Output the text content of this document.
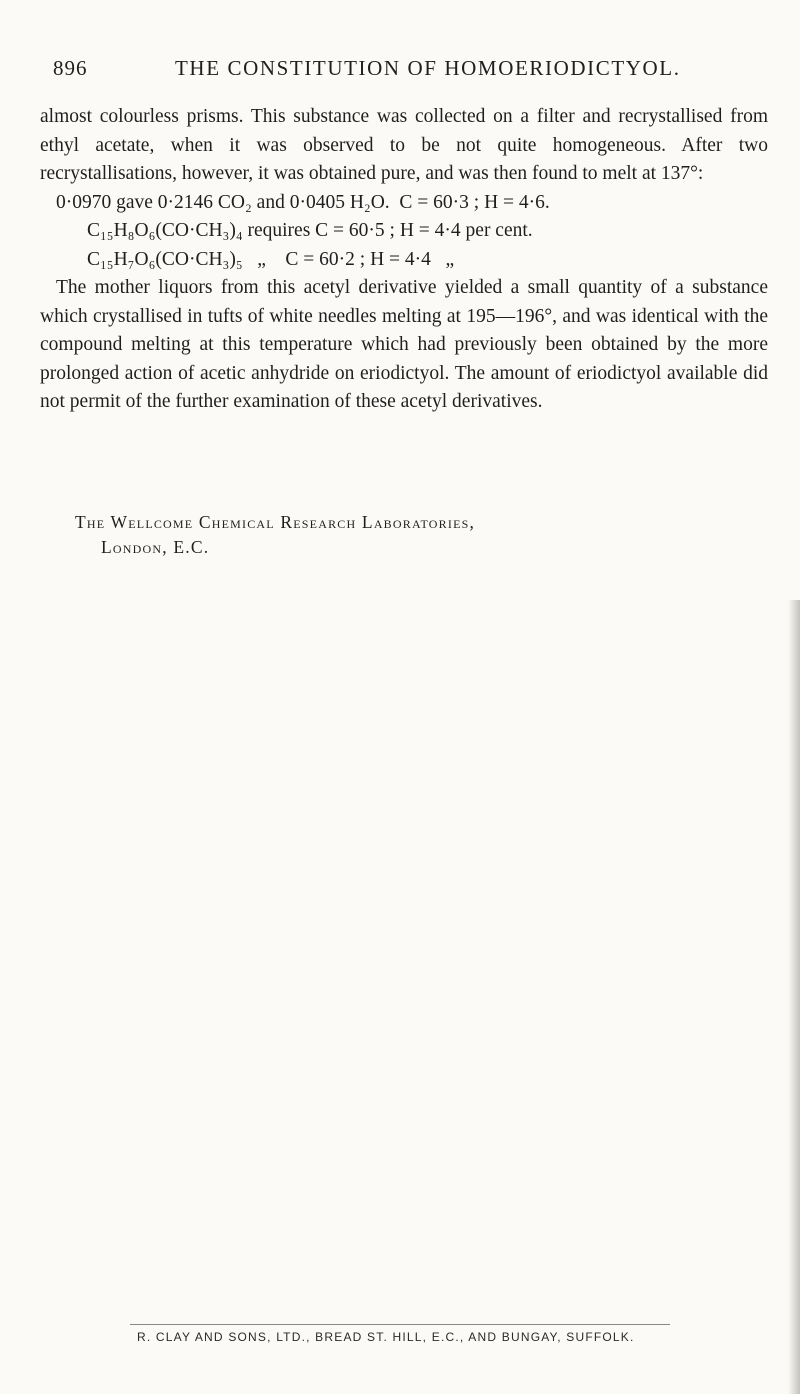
896	THE CONSTITUTION OF HOMOERIODICTYOL.

almost colourless prisms. This substance was collected on a filter and recrystallised from ethyl acetate, when it was observed to be not quite homogeneous. After two recrystallisations, however, it was obtained pure, and was then found to melt at 137°:

0·0970 gave 0·2146 CO₂ and 0·0405 H₂O.  C = 60·3 ; H = 4·6.
C₁₅H₈O₆(CO·CH₃)₄ requires C = 60·5 ; H = 4·4 per cent.
C₁₅H₇O₆(CO·CH₃)₅   „    C = 60·2 ; H = 4·4   „

The mother liquors from this acetyl derivative yielded a small quantity of a substance which crystallised in tufts of white needles melting at 195—196°, and was identical with the compound melting at this temperature which had previously been obtained by the more prolonged action of acetic anhydride on eriodictyol. The amount of eriodictyol available did not permit of the further examination of these acetyl derivatives.

The Wellcome Chemical Research Laboratories,
London, E.C.
R. CLAY AND SONS, LTD., BREAD ST. HILL, E.C., AND BUNGAY, SUFFOLK.
